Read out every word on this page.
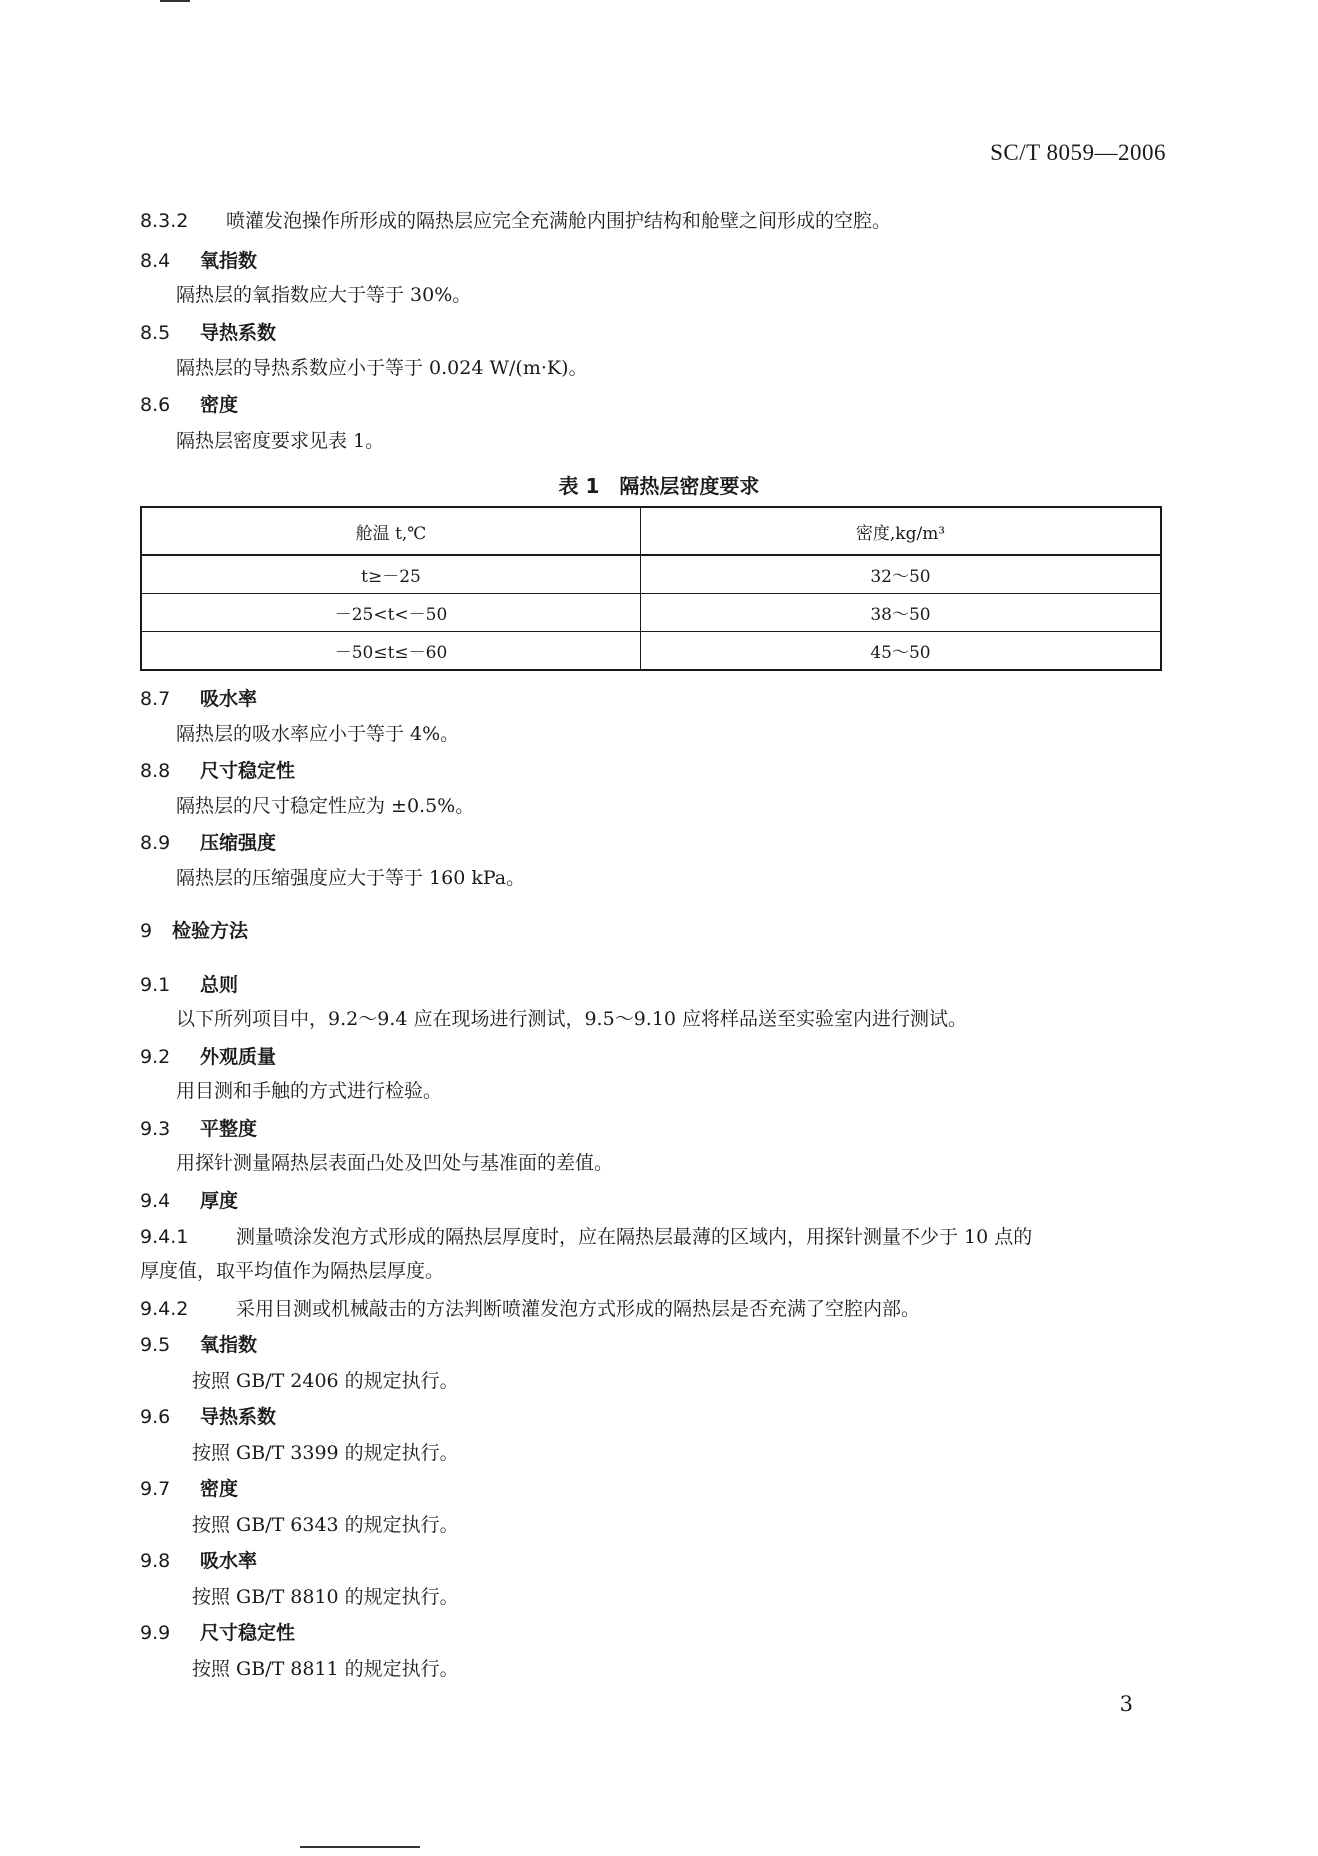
SC/T 8059—2006
8.3.2 喷灌发泡操作所形成的隔热层应完全充满舱内围护结构和舱壁之间形成的空腔。
8.4 氧指数
隔热层的氧指数应大于等于 30%。
8.5 导热系数
隔热层的导热系数应小于等于 0.024 W/(m·K)。
8.6 密度
隔热层密度要求见表 1。
表 1　隔热层密度要求
舱温 t,℃	密度,kg/m³
t≥－25	32～50
－25<t<－50	38～50
－50≤t≤－60	45～50
8.7 吸水率
隔热层的吸水率应小于等于 4%。
8.8 尺寸稳定性
隔热层的尺寸稳定性应为 ±0.5%。
8.9 压缩强度
隔热层的压缩强度应大于等于 160 kPa。
9 检验方法
9.1 总则
以下所列项目中，9.2～9.4 应在现场进行测试，9.5～9.10 应将样品送至实验室内进行测试。
9.2 外观质量
用目测和手触的方式进行检验。
9.3 平整度
用探针测量隔热层表面凸处及凹处与基准面的差值。
9.4 厚度
9.4.1	测量喷涂发泡方式形成的隔热层厚度时，应在隔热层最薄的区域内，用探针测量不少于 10 点的
厚度值，取平均值作为隔热层厚度。
9.4.2	采用目测或机械敲击的方法判断喷灌发泡方式形成的隔热层是否充满了空腔内部。
9.5 氧指数
按照 GB/T 2406 的规定执行。
9.6 导热系数
按照 GB/T 3399 的规定执行。
9.7 密度
按照 GB/T 6343 的规定执行。
9.8 吸水率
按照 GB/T 8810 的规定执行。
9.9 尺寸稳定性
按照 GB/T 8811 的规定执行。
3
